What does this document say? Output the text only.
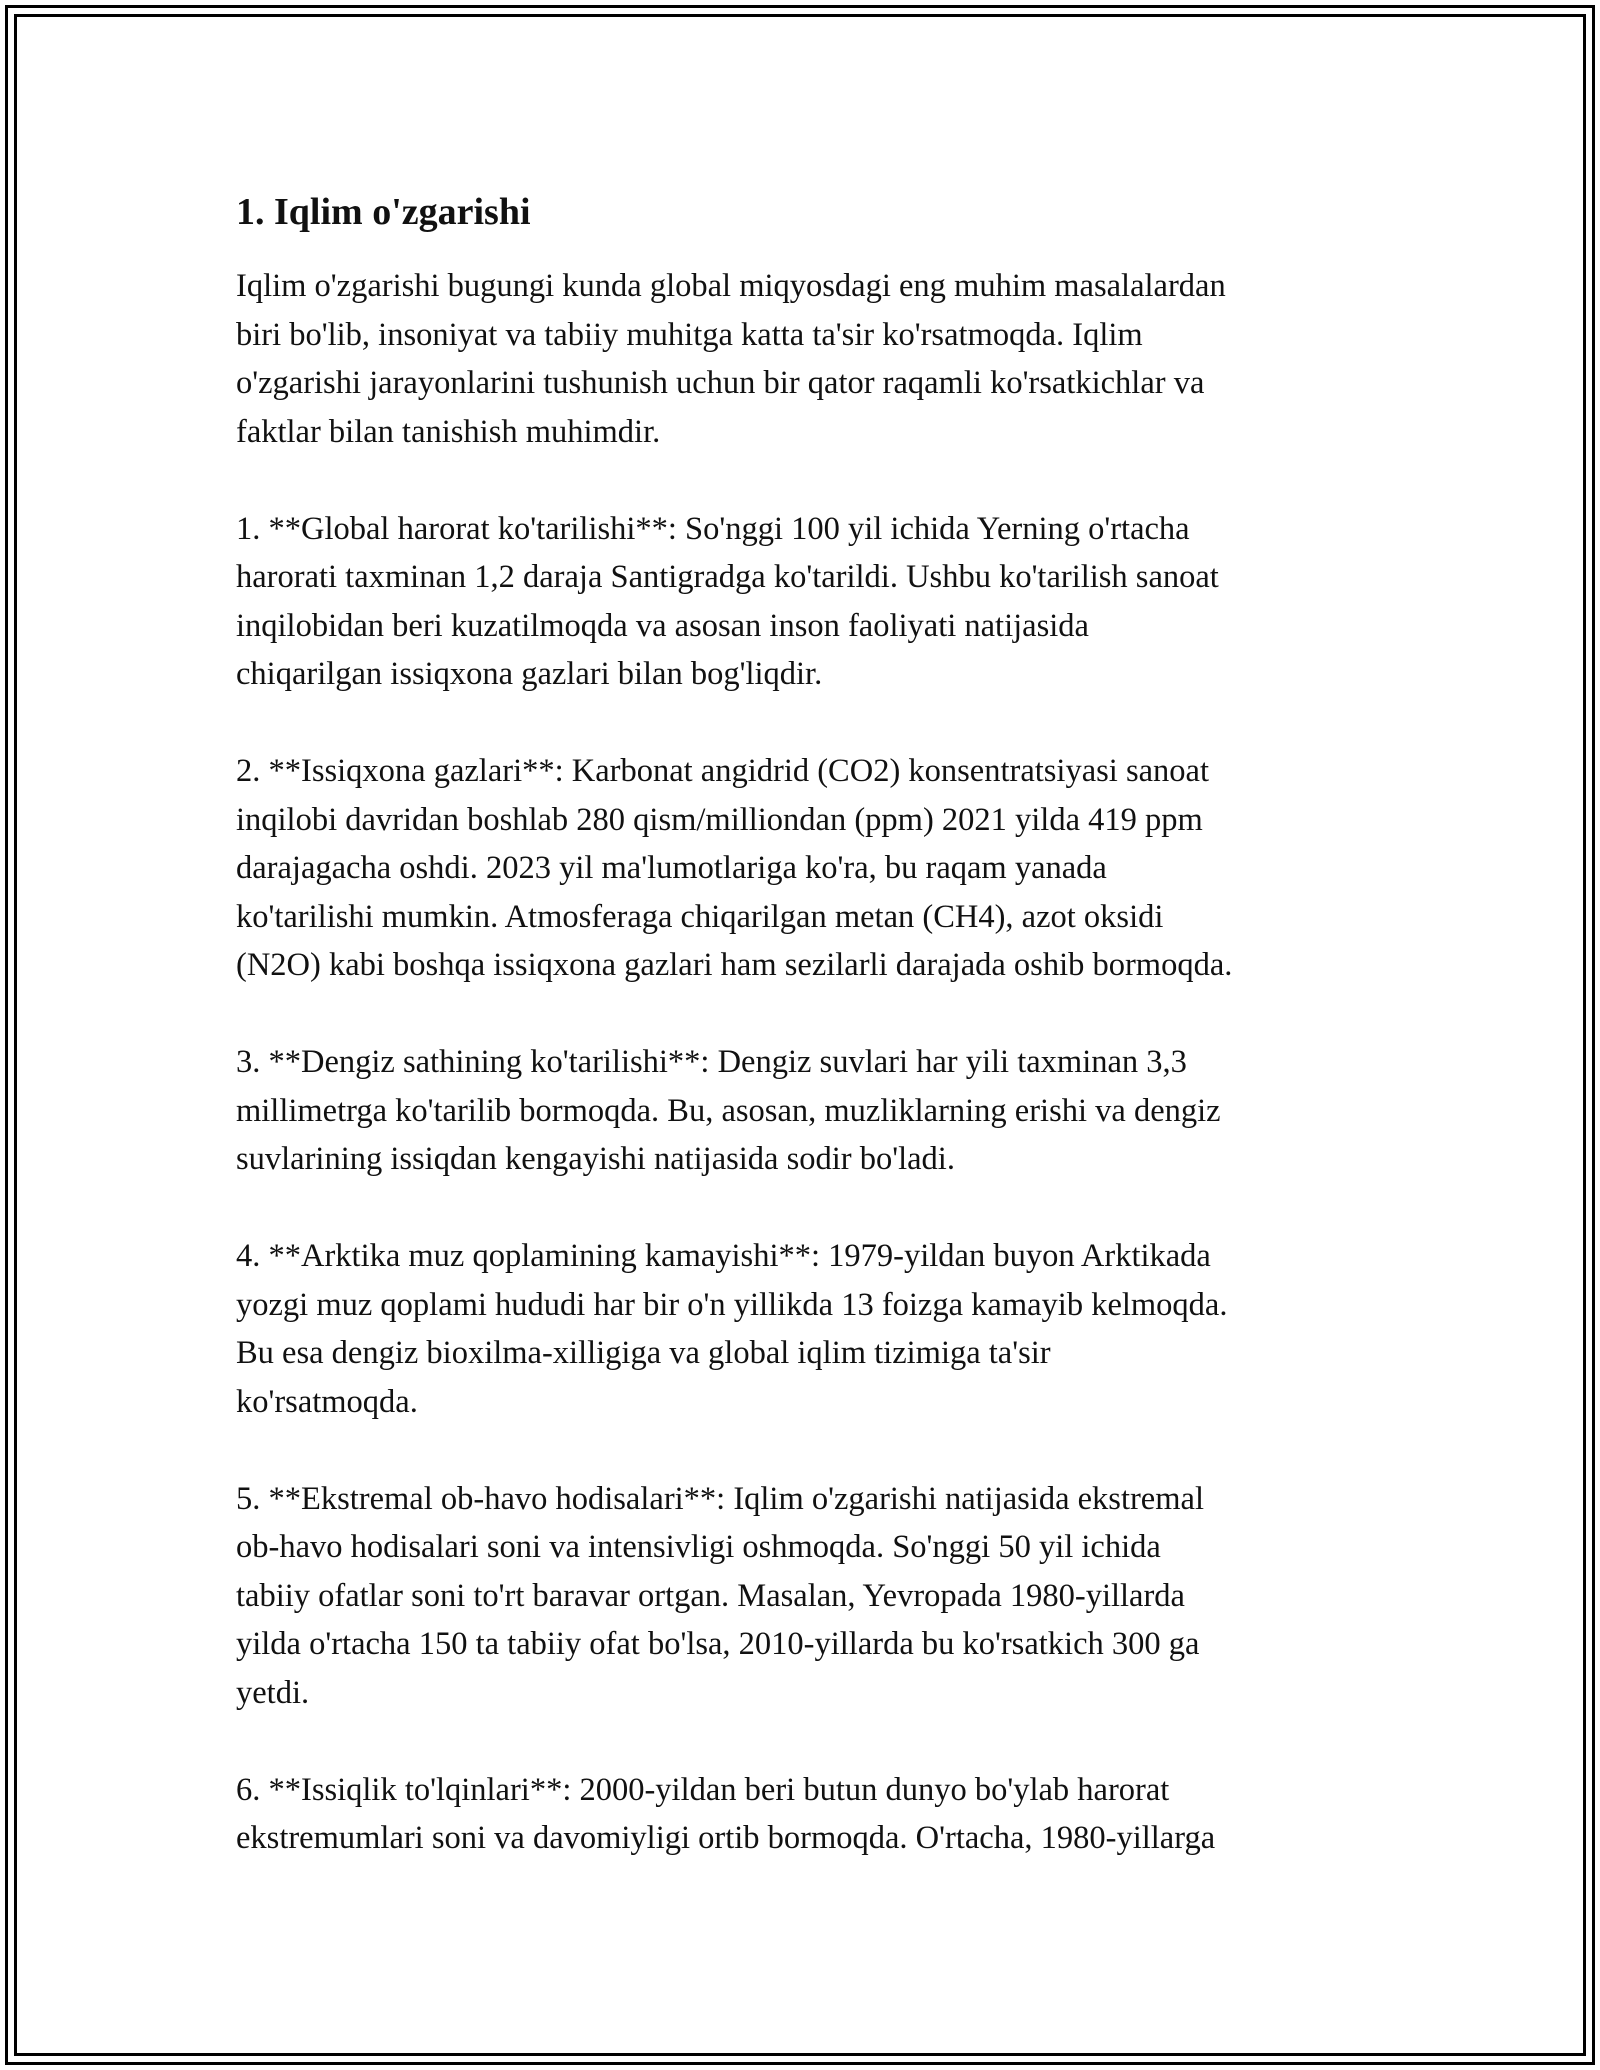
1. Iqlim o'zgarishi
Iqlim o'zgarishi bugungi kunda global miqyosdagi eng muhim masalalardan
biri bo'lib, insoniyat va tabiiy muhitga katta ta'sir ko'rsatmoqda. Iqlim
o'zgarishi jarayonlarini tushunish uchun bir qator raqamli ko'rsatkichlar va
faktlar bilan tanishish muhimdir.
1. **Global harorat ko'tarilishi**: So'nggi 100 yil ichida Yerning o'rtacha
harorati taxminan 1,2 daraja Santigradga ko'tarildi. Ushbu ko'tarilish sanoat
inqilobidan beri kuzatilmoqda va asosan inson faoliyati natijasida
chiqarilgan issiqxona gazlari bilan bog'liqdir.
2. **Issiqxona gazlari**: Karbonat angidrid (CO2) konsentratsiyasi sanoat
inqilobi davridan boshlab 280 qism/milliondan (ppm) 2021 yilda 419 ppm
darajagacha oshdi. 2023 yil ma'lumotlariga ko'ra, bu raqam yanada
ko'tarilishi mumkin. Atmosferaga chiqarilgan metan (CH4), azot oksidi
(N2O) kabi boshqa issiqxona gazlari ham sezilarli darajada oshib bormoqda.
3. **Dengiz sathining ko'tarilishi**: Dengiz suvlari har yili taxminan 3,3
millimetrga ko'tarilib bormoqda. Bu, asosan, muzliklarning erishi va dengiz
suvlarining issiqdan kengayishi natijasida sodir bo'ladi.
4. **Arktika muz qoplamining kamayishi**: 1979-yildan buyon Arktikada
yozgi muz qoplami hududi har bir o'n yillikda 13 foizga kamayib kelmoqda.
Bu esa dengiz bioxilma-xilligiga va global iqlim tizimiga ta'sir
ko'rsatmoqda.
5. **Ekstremal ob-havo hodisalari**: Iqlim o'zgarishi natijasida ekstremal
ob-havo hodisalari soni va intensivligi oshmoqda. So'nggi 50 yil ichida
tabiiy ofatlar soni to'rt baravar ortgan. Masalan, Yevropada 1980-yillarda
yilda o'rtacha 150 ta tabiiy ofat bo'lsa, 2010-yillarda bu ko'rsatkich 300 ga
yetdi.
6. **Issiqlik to'lqinlari**: 2000-yildan beri butun dunyo bo'ylab harorat
ekstremumlari soni va davomiyligi ortib bormoqda. O'rtacha, 1980-yillarga
